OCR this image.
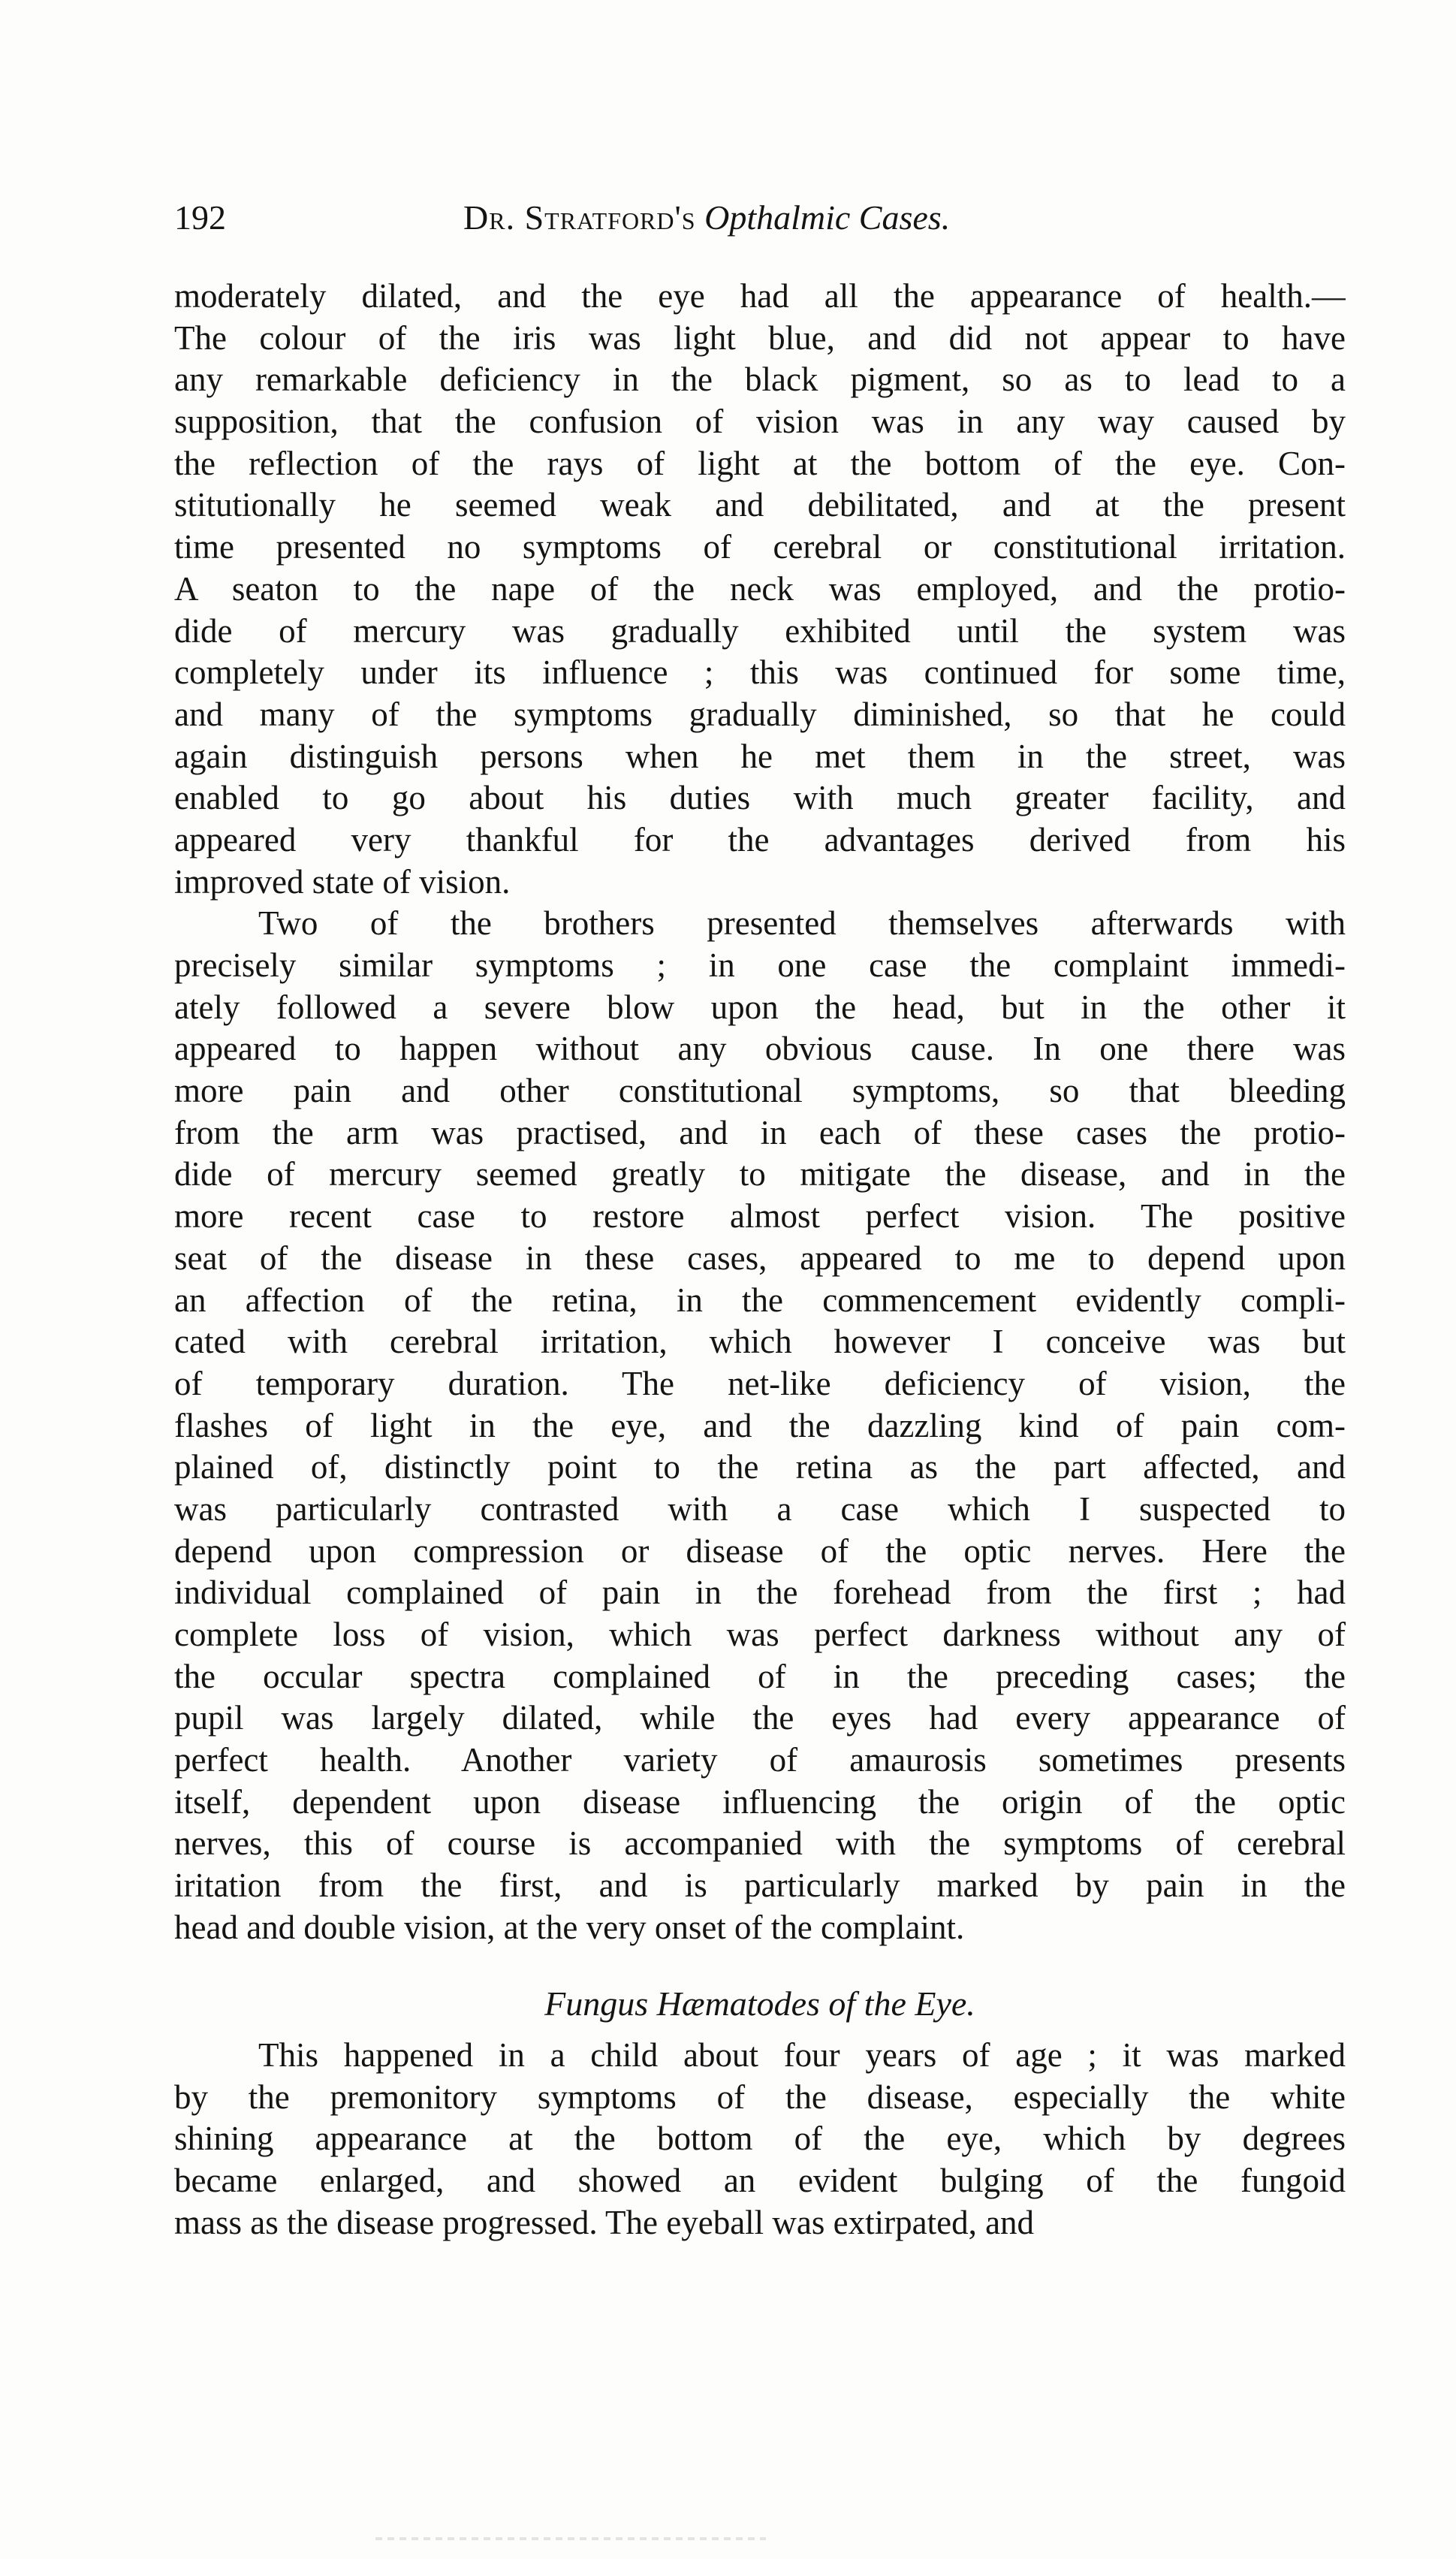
192	Dr. Stratford's Opthalmic Cases.
moderately dilated, and the eye had all the appearance of health.—
The colour of the iris was light blue, and did not appear to have
any remarkable deficiency in the black pigment, so as to lead to a
supposition, that the confusion of vision was in any way caused by
the reflection of the rays of light at the bottom of the eye. Con-
stitutionally he seemed weak and debilitated, and at the present
time presented no symptoms of cerebral or constitutional irritation.
A seaton to the nape of the neck was employed, and the protio-
dide of mercury was gradually exhibited until the system was
completely under its influence ; this was continued for some time,
and many of the symptoms gradually diminished, so that he could
again distinguish persons when he met them in the street, was
enabled to go about his duties with much greater facility, and
appeared very thankful for the advantages derived from his
improved state of vision.
Two of the brothers presented themselves afterwards with
precisely similar symptoms ; in one case the complaint immedi-
ately followed a severe blow upon the head, but in the other it
appeared to happen without any obvious cause. In one there was
more pain and other constitutional symptoms, so that bleeding
from the arm was practised, and in each of these cases the protio-
dide of mercury seemed greatly to mitigate the disease, and in the
more recent case to restore almost perfect vision. The positive
seat of the disease in these cases, appeared to me to depend upon
an affection of the retina, in the commencement evidently compli-
cated with cerebral irritation, which however I conceive was but
of temporary duration. The net-like deficiency of vision, the
flashes of light in the eye, and the dazzling kind of pain com-
plained of, distinctly point to the retina as the part affected, and
was particularly contrasted with a case which I suspected to
depend upon compression or disease of the optic nerves. Here the
individual complained of pain in the forehead from the first ; had
complete loss of vision, which was perfect darkness without any of
the occular spectra complained of in the preceding cases; the
pupil was largely dilated, while the eyes had every appearance of
perfect health. Another variety of amaurosis sometimes presents
itself, dependent upon disease influencing the origin of the optic
nerves, this of course is accompanied with the symptoms of cerebral
iritation from the first, and is particularly marked by pain in the
head and double vision, at the very onset of the complaint.
Fungus Hæmatodes of the Eye.
This happened in a child about four years of age ; it was marked
by the premonitory symptoms of the disease, especially the white
shining appearance at the bottom of the eye, which by degrees
became enlarged, and showed an evident bulging of the fungoid
mass as the disease progressed. The eyeball was extirpated, and
